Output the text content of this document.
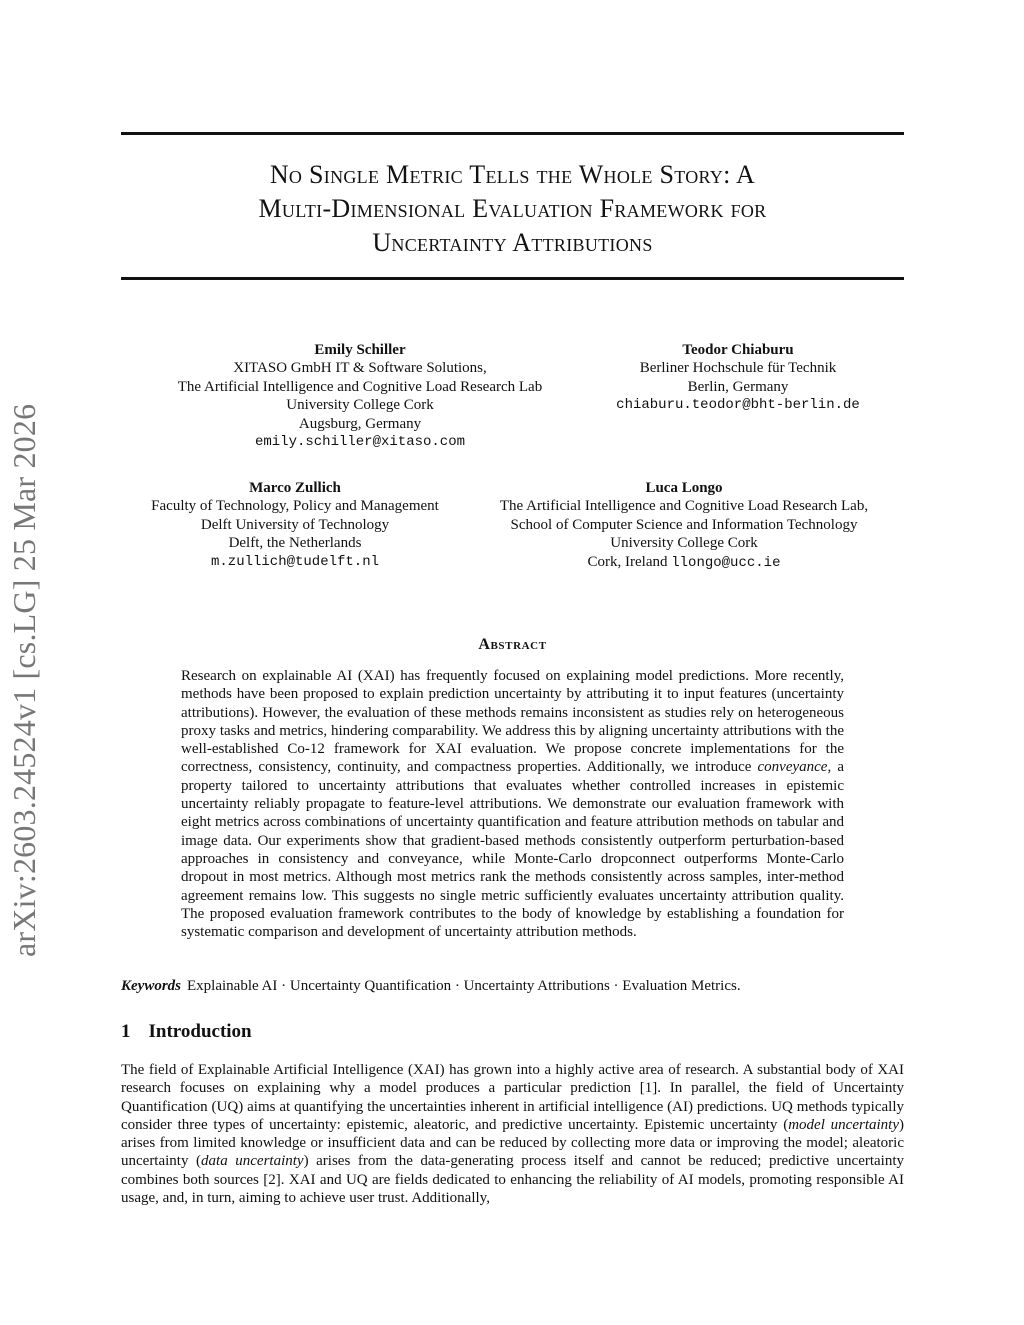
No Single Metric Tells the Whole Story: A
Multi-Dimensional Evaluation Framework for
Uncertainty Attributions
Emily Schiller
XITASO GmbH IT & Software Solutions,
The Artificial Intelligence and Cognitive Load Research Lab
University College Cork
Augsburg, Germany
emily.schiller@xitaso.com
Teodor Chiaburu
Berliner Hochschule für Technik
Berlin, Germany
chiaburu.teodor@bht-berlin.de
Marco Zullich
Faculty of Technology, Policy and Management
Delft University of Technology
Delft, the Netherlands
m.zullich@tudelft.nl
Luca Longo
The Artificial Intelligence and Cognitive Load Research Lab,
School of Computer Science and Information Technology
University College Cork
Cork, Ireland llongo@ucc.ie
arXiv:2603.24524v1 [cs.LG] 25 Mar 2026	Abstract

Research on explainable AI (XAI) has frequently focused on explaining model predictions. More recently, methods have been proposed to explain prediction uncertainty by attributing it to input features (uncertainty attributions). However, the evaluation of these methods remains inconsistent as studies rely on heterogeneous proxy tasks and metrics, hindering comparability. We address this by aligning uncertainty attributions with the well-established Co-12 framework for XAI evaluation. We propose concrete implementations for the correctness, consistency, continuity, and compactness properties. Additionally, we introduce conveyance, a property tailored to uncertainty attributions that evaluates whether controlled increases in epistemic uncertainty reliably propagate to feature-level attributions. We demonstrate our evaluation framework with eight metrics across combinations of uncertainty quantification and feature attribution methods on tabular and image data. Our experiments show that gradient-based methods consistently outperform perturbation-based approaches in consistency and conveyance, while Monte-Carlo dropconnect outperforms Monte-Carlo dropout in most metrics. Although most metrics rank the methods consistently across samples, inter-method agreement remains low. This suggests no single metric sufficiently evaluates uncertainty attribution quality. The proposed evaluation framework contributes to the body of knowledge by establishing a foundation for systematic comparison and development of uncertainty attribution methods.

Keywords Explainable AI · Uncertainty Quantification · Uncertainty Attributions · Evaluation Metrics.

1 Introduction

The field of Explainable Artificial Intelligence (XAI) has grown into a highly active area of research. A substantial body of XAI research focuses on explaining why a model produces a particular prediction [1]. In parallel, the field of Uncertainty Quantification (UQ) aims at quantifying the uncertainties inherent in artificial intelligence (AI) predictions. UQ methods typically consider three types of uncertainty: epistemic, aleatoric, and predictive uncertainty. Epistemic uncertainty (model uncertainty) arises from limited knowledge or insufficient data and can be reduced by collecting more data or improving the model; aleatoric uncertainty (data uncertainty) arises from the data-generating process itself and cannot be reduced; predictive uncertainty combines both sources [2]. XAI and UQ are fields dedicated to enhancing the reliability of AI models, promoting responsible AI usage, and, in turn, aiming to achieve user trust. Additionally,
